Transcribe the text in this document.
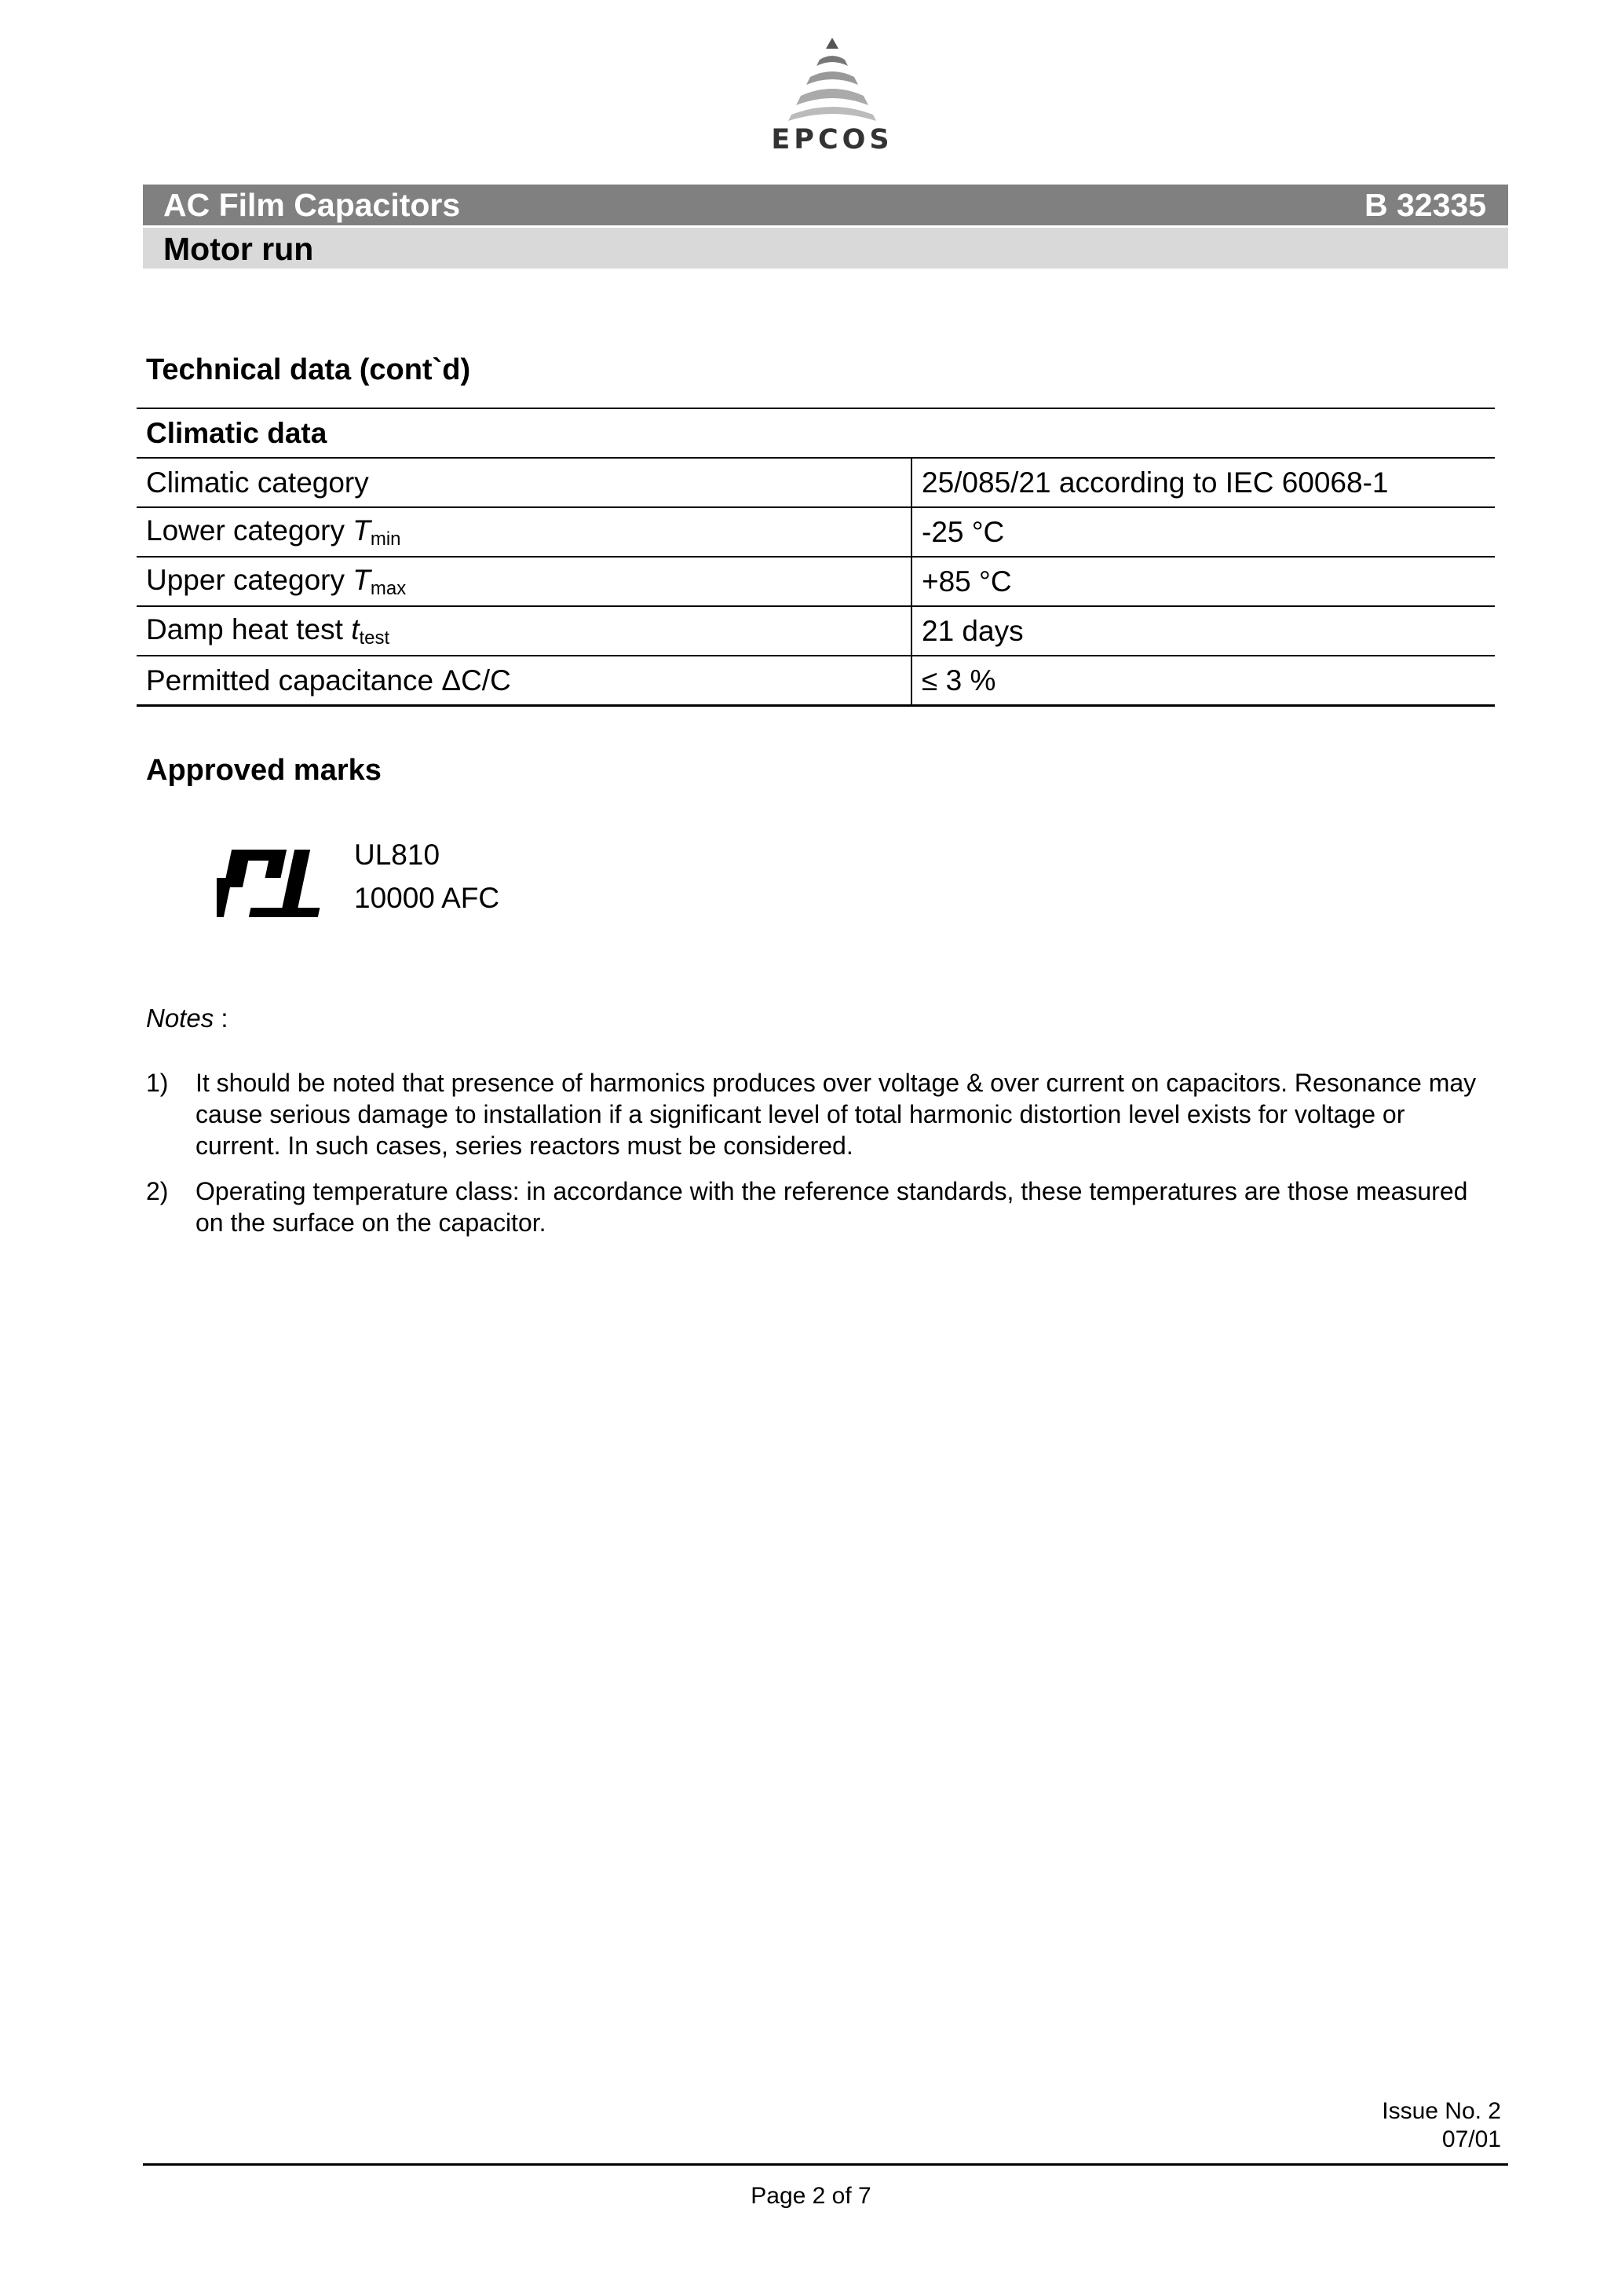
EPCOS
AC Film Capacitors	B 32335
Motor run
Technical data (cont`d)
Climatic data	
Climatic category	25/085/21 according to IEC 60068-1
Lower category $T_{min}$	-25 °C
Upper category $T_{max}$	+85 °C
Damp heat test $t_{test}$	21 days
Permitted capacitance ΔC/C	≤ 3 %
Approved marks
UL810
10000 AFC
Notes :
1) It should be noted that presence of harmonics produces over voltage & over current on capacitors. Resonance may cause serious damage to installation if a significant level of total harmonic distortion level exists for voltage or current. In such cases, series reactors must be considered.
2) Operating temperature class: in accordance with the reference standards, these temperatures are those measured on the surface on the capacitor.
Issue No. 2
07/01
Page 2 of 7
